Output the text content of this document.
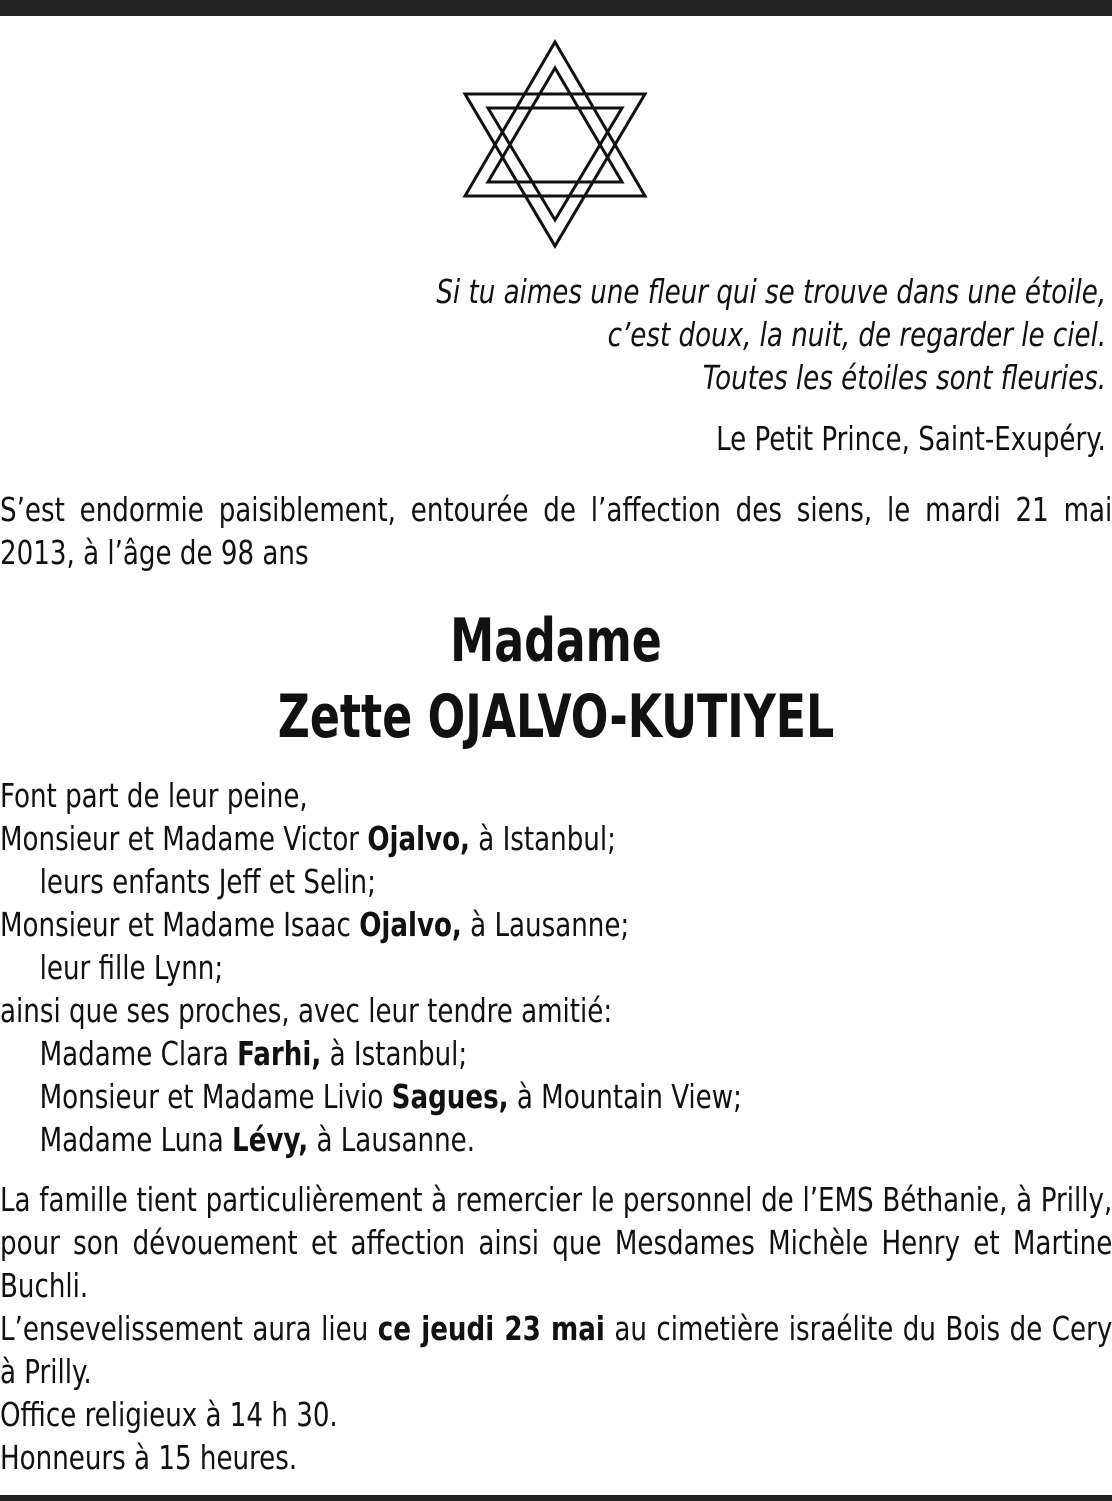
Si tu aimes une fleur qui se trouve dans une étoile,
c’est doux, la nuit, de regarder le ciel.
Toutes les étoiles sont fleuries.
Le Petit Prince, Saint-Exupéry.
S’est endormie paisiblement, entourée de l’affection des siens, le mardi 21 mai 2013, à l’âge de 98 ans
Madame
Zette OJALVO-KUTIYEL
Font part de leur peine,
Monsieur et Madame Victor Ojalvo, à Istanbul;
leurs enfants Jeff et Selin;
Monsieur et Madame Isaac Ojalvo, à Lausanne;
leur fille Lynn;
ainsi que ses proches, avec leur tendre amitié:
Madame Clara Farhi, à Istanbul;
Monsieur et Madame Livio Sagues, à Mountain View;
Madame Luna Lévy, à Lausanne.
La famille tient particulièrement à remercier le personnel de l’EMS Béthanie, à Prilly, pour son dévouement et affection ainsi que Mesdames Michèle Henry et Martine Buchli.
L’ensevelissement aura lieu ce jeudi 23 mai au cimetière israélite du Bois de Cery à Prilly.
Office religieux à 14 h 30.
Honneurs à 15 heures.
